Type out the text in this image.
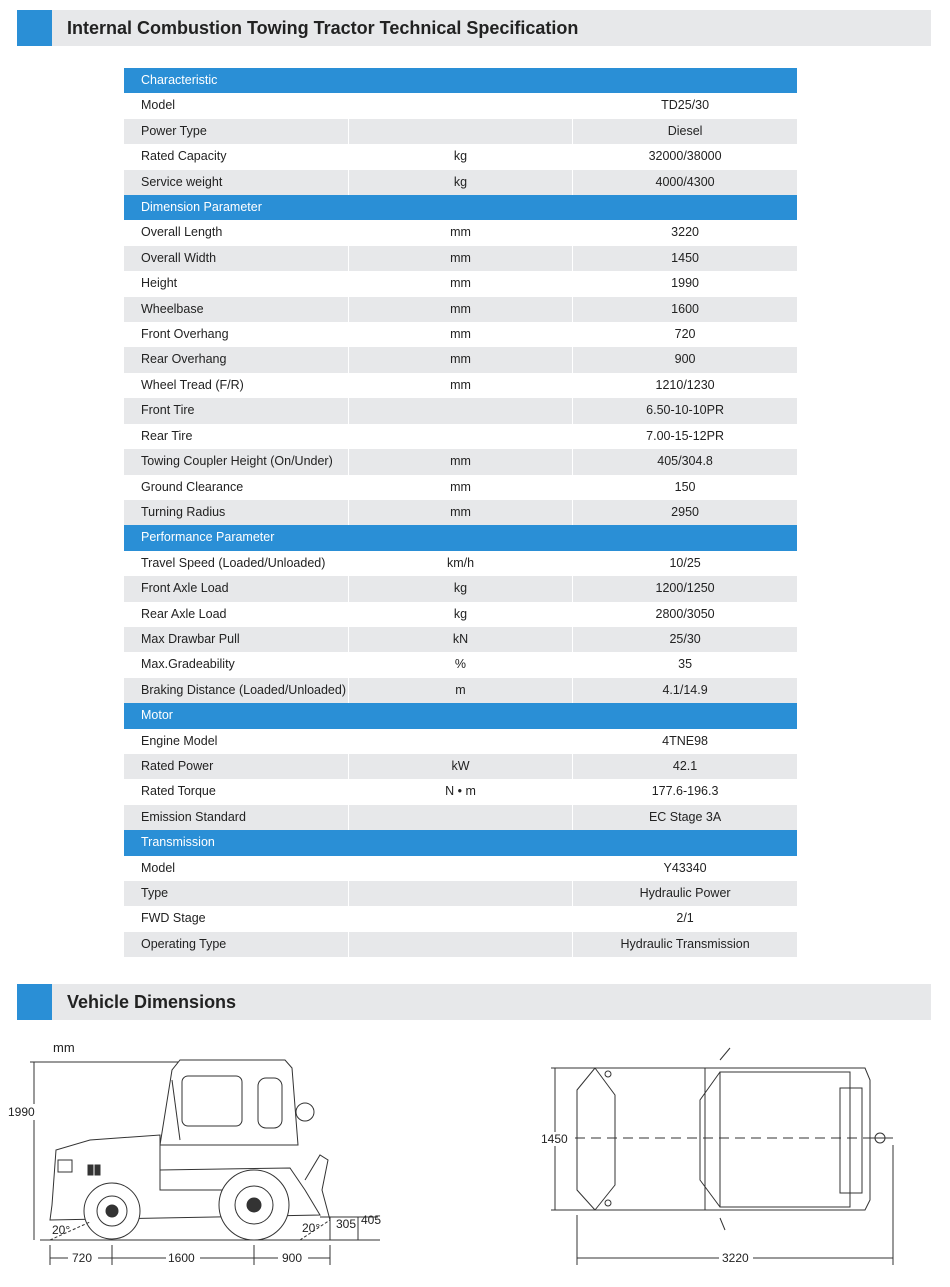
Internal Combustion Towing Tractor Technical Specification
Characteristic		
Model		TD25/30
Power Type		Diesel
Rated Capacity	kg	32000/38000
Service weight	kg	4000/4300
Dimension Parameter		
Overall Length	mm	3220
Overall Width	mm	1450
Height	mm	1990
Wheelbase	mm	1600
Front Overhang	mm	720
Rear Overhang	mm	900
Wheel Tread (F/R)	mm	1210/1230
Front Tire		6.50-10-10PR
Rear Tire		7.00-15-12PR
Towing Coupler Height (On/Under)	mm	405/304.8
Ground Clearance	mm	150
Turning Radius	mm	2950
Performance Parameter		
Travel Speed (Loaded/Unloaded)	km/h	10/25
Front Axle Load	kg	1200/1250
Rear Axle Load	kg	2800/3050
Max Drawbar Pull	kN	25/30
Max.Gradeability	%	35
Braking Distance (Loaded/Unloaded)	m	4.1/14.9
Motor		
Engine Model		4TNE98
Rated Power	kW	42.1
Rated Torque	N • m	177.6-196.3
Emission Standard		EC Stage 3A
Transmission		
Model		Y43340
Type		Hydraulic Power
FWD Stage		2/1
Operating Type		Hydraulic Transmission
Vehicle Dimensions
mm
1990
20°	20° 305 405
720	1600	900
1450
3220
